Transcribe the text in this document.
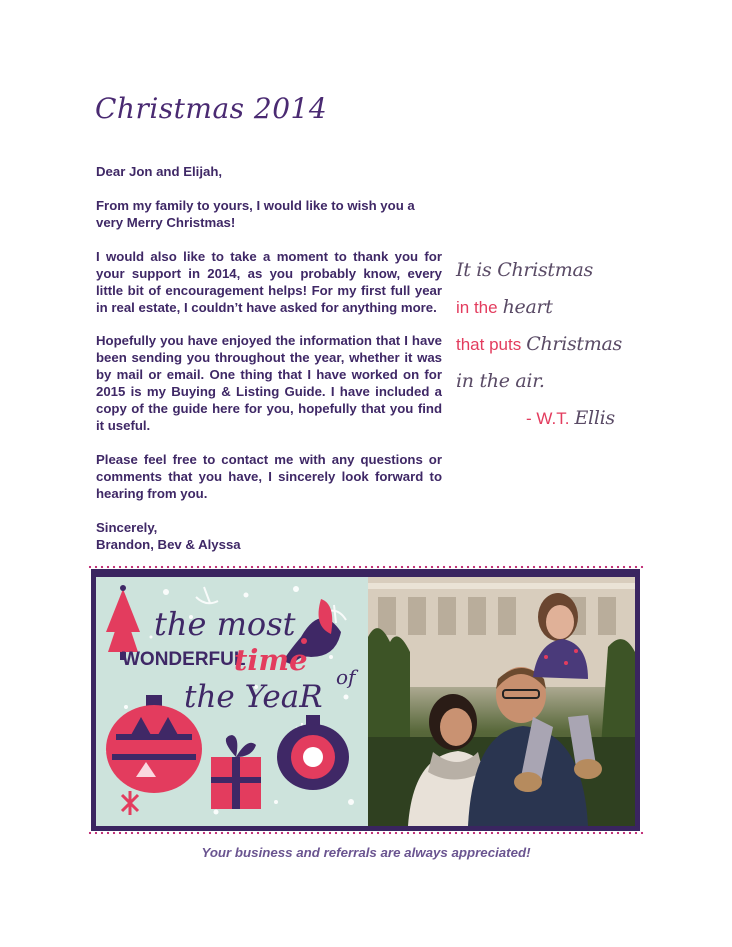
Christmas 2014

Dear Jon and Elijah,

From my family to yours, I would like to wish you a very Merry Christmas!

I would also like to take a moment to thank you for your support in 2014, as you probably know, every little bit of encouragement helps! For my first full year in real estate, I couldn’t have asked for anything more.

Hopefully you have enjoyed the information that I have been sending you throughout the year, whether it was by mail or email. One thing that I have worked on for 2015 is my Buying & Listing Guide. I have included a copy of the guide here for you, hopefully that you find it useful.

Please feel free to contact me with any questions or comments that you have, I sincerely look forward to hearing from you.

Sincerely,
Brandon, Bev & Alyssa
It is Christmas
in the heart
that puts Christmas
in the air.
- W.T. Ellis
the most
WONDERFUL
time of
the YeaR
Your business and referrals are always appreciated!
